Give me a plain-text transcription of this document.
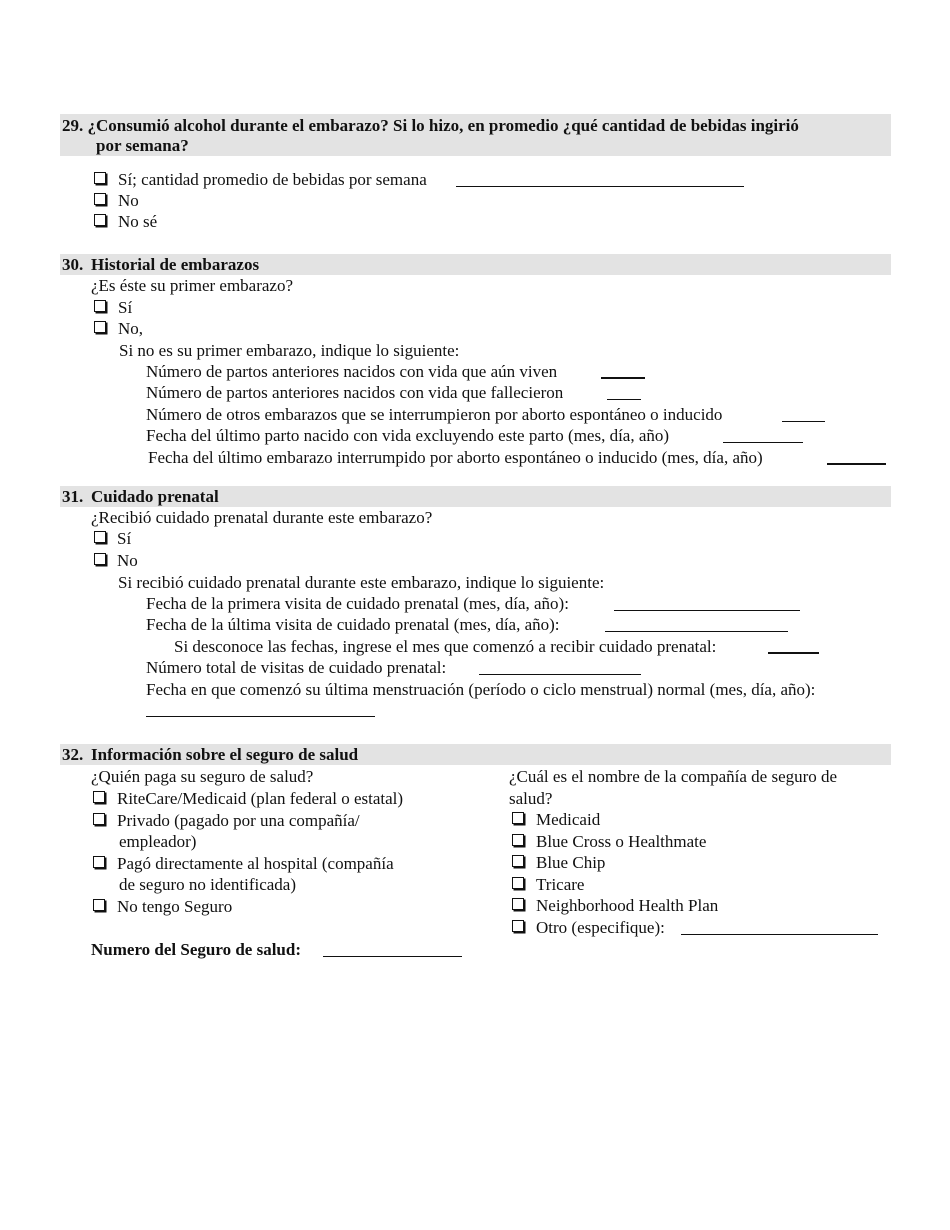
29. ¿Consumió alcohol durante el embarazo? Si lo hizo, en promedio ¿qué cantidad de bebidas ingirió
por semana?
Sí; cantidad promedio de bebidas por semana
No
No sé
30. Historial de embarazos
¿Es éste su primer embarazo?
Sí
No,
Si no es su primer embarazo, indique lo siguiente:
Número de partos anteriores nacidos con vida que aún viven
Número de partos anteriores nacidos con vida que fallecieron
Número de otros embarazos que se interrumpieron por aborto espontáneo o inducido
Fecha del último parto nacido con vida excluyendo este parto (mes, día, año)
Fecha del último embarazo interrumpido por aborto espontáneo o inducido (mes, día, año)
31. Cuidado prenatal
¿Recibió cuidado prenatal durante este embarazo?
Sí
No
Si recibió cuidado prenatal durante este embarazo, indique lo siguiente:
Fecha de la primera visita de cuidado prenatal (mes, día, año):
Fecha de la última visita de cuidado prenatal (mes, día, año):
Si desconoce las fechas, ingrese el mes que comenzó a recibir cuidado prenatal:
Número total de visitas de cuidado prenatal:
Fecha en que comenzó su última menstruación (período o ciclo menstrual) normal (mes, día, año):
32. Información sobre el seguro de salud
¿Quién paga su seguro de salud?
RiteCare/Medicaid (plan federal o estatal)
Privado (pagado por una compañía/
empleador)
Pagó directamente al hospital (compañía
de seguro no identificada)
No tengo Seguro
Numero del Seguro de salud:
¿Cuál es el nombre de la compañía de seguro de
salud?
Medicaid
Blue Cross o Healthmate
Blue Chip
Tricare
Neighborhood Health Plan
Otro (especifique):
